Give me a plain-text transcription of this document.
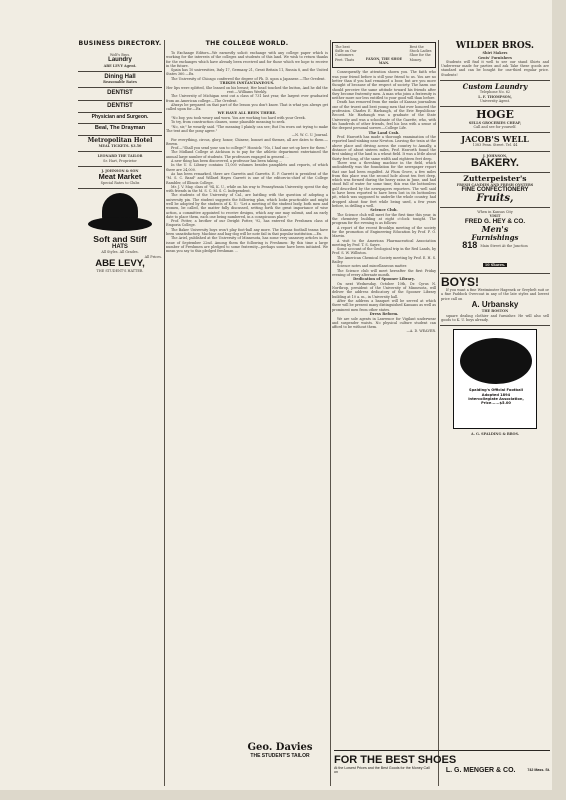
BUSINESS DIRECTORY.
Wolf's Bros.
Laundry
ABE LEVY Agent.
Dining Hall
Reasonable Rates
DENTIST
DENTIST
Physician and Surgeon.
Beal, The Drayman
Metropolitan Hotel
MEAL TICKETS. $3.50
LEONARD THE TAILOR
Sr. Hart, Proprietor
J. JOHNSON & SON
Meat Market
Special Rates to Clubs
Soft and Stiff
HATS
All Styles. All Grades.
All Prices.
ABE LEVY,
THE STUDENT'S HATTER.
THE COLLEGE WORLD.

To Exchange Editors—We earnestly solicit exchange with any college paper which is working for the interests of the colleges and students of this land. We wish to return thanks for the exchanges which have already been received and for those which we hope to receive in the future.

Spain has 10 universities, Italy 17, Germany 21, Great Britain 11, Russia 8, and the United States 360.—Ex.

The University of Chicago conferred the degree of Ph. D. upon a Japanese.—The Oredent.

TRIKES INSTANTANEOUS.

Her lips were splitted, She leaned on his breast; Her head touched the button, And he did the rest.—Williams Weekly.

The University of Michigan sent out a class of 731 last year, the largest ever graduated from an American college.—The Oredent.

Always be prepared on that part of the lesson you don't know. That is what you always get called upon for.—Ex.

WE HAVE ALL BEEN THERE.

"No boy, you took weary and worn. You are working too hard with your Greek.

To try, from construction clauses, some plausible meaning to seek.

"No, sir," he wearily said. "The meaning I plainly can see; But I'm worn out trying to make The text and the pony agree."

—N. W. C. U. Journal.

For everything, circus, glory, honor, Chinese, bonnet and themes, all are dates to them.—Brown.

Prof.—"Shall you send your son to college?" Hoosick: "No, I had one set up here for them."

The Midland College at Atchison is to pay for the athletic department entertained the annual large number of students. The professors engaged in general ...

A new thing has been discovered, a professor has been taking ...

In the U. S. Library contains 11,000 volumes besides pamphlets and reports, of which there are 24,000.

As has been remarked, there are Garretts and Garretts. E. P. Garrett is president of the "M. S. C. Band" and Willard Hayes Garrett is one of the editors-in-chief of the College Rambler, of Illinois College.

Mr. J. V. May, class of '94, K. U., while on his way to Pennsylvania University, spent the day with friends in the M. S. C. M. S. C. Independent.

The students of the University of Cal., are battling with the question of adopting a university pin. The student suggests the following plan, which looks practicable and might well be adopted by the students of K. U.: "Let a meeting of the student body, both men and women, be called, the matter fully discussed, setting forth the great importance of wise action, a committee appointed to receive designs, which any one may submit, and an early date to place them, each one being numbered, in a conspicuous place."

Prof. Potter, a brother of our Dwight Potter, '92, has entered the Freshmen class of Emporia College.

The Baker University boys won't play foot-ball any more. The Kansas football teams have been unsatisfactory. Machine and bag-dog will be note fail in that popular institution.—Ex.

The Ariel, published at the University of Minnesota, has some very unsavory articles in its issue of September 22nd. Among them the following is Freshmen: By this time a large number of Freshmen are pledged to some fraternity—perhaps some have been initiated. We mean you say to this pledged freshman ...

The best Sidle on Our Customers Feet. Thats	FAXON, THE SHOE MAN.
Best the Stock Ladies Shoe for the Money.

Consequently the attention shown you. The faith who was your friend before is still your friend to us. You are no better than if you had remained a boor, but are you more thought of because of the respect of society. The harm one should perceive the same attitude toward his friends after they become fraternity men. A man who joins a fraternity is neither more nor less entitled to your good will than before.

Death has removed from the ranks of Kansas journalism one of the truest and best young men that ever honored the profession. Charles E. Harbaugh, of the Erie Republican-Record. Mr. Harbaugh was a graduate of the State University and was a schoolmate of the Gazette, who, with his hundreds of other friends, feel his loss with a sense of the deepest personal sorrow.—College Life.

The Land Crab.

Prof. Haworth has made a thorough examination of the reported land-sinking near Newton. Leaving the train at the above place and driving across the country to Annally, a distance of about sixteen miles, Prof. Haworth found the first sinking of the land in a wheat field. It was a little about thirty feet long, of the same width and eighteen feet deep.

There was a threshing machine in the field, which undoubtedly was the foundation for the newspaper report that one had been engulfed. At Plum Grove, a few miles from this place was the second hole about ten feet deep, which was formed during the heavy rains in June, and had stood full of water for some time; this was the bottomless gulf described by the newspapers reporters. The well said to have been reported to have been lost in its bottomless pit, which was supposed to underlie the whole country, had dropped about four feet while being used, a few years before, in drilling a well.

Science Club.

The Science club will meet for the first time this year, in the chemistry building at eight o'clock tonight. The program for the evening is as follows:

A report of the recent Brooklyn meeting of the society for the promotion of Engineering Education by Prof. F. O. Marvin.

A visit to the American Pharmaceutical Association meeting by Prof. T. S. Sayre.

Some account of the Geological trip in the Red Lands, by Prof. S. W. Williston.

The American Chemical Society meeting by Prof. E. H. S. Bailey.

Science notes and miscellaneous matter.

The Science club will meet hereafter the first Friday evening of every alternate month.

Dedication of Spooner Library.

On next Wednesday, October 10th, Dr. Cyrus N. Northrop, president of the University of Minnesota, will deliver the address dedicatory of the Spooner Library building at 10 a. m., in University hall.

After the address a banquet will be served at which there will be present many distinguished Kansans as well as prominent men from other states.

Dress Reform.

We are sole agents in Lawrence for Vigilant underwear and suspender waists. No physical culture student can afford to be without them.

—A. D. WEAVER.

WILDER BROS.
Shirt Makers
Gents' Furnishers
Students will find it well to see our stand Shirts and Underwear made for parties and ask Take these goods are standard and can be bought for one-third regular price. Students!
Custom Laundry
Telephone No. 62
L. F. THOMPSON,
University Agent.
HOGE
SELLS GROCERIES CHEAP,
Call and see for yourself.
JACOB'S WELL
1383 Penn. Street. Tel. 44
J. JOHNSON,
BAKERY.
Zutterpeister's
FRESH CANDIES AND FRESH OYSTERS
FINE CONFECTIONERY
Fruits,
When in Kansas City
VISIT
FRED G. HEY & CO.
Men's
Furnishings
818 Main Street At the Junction
10 Shaves.
BOYS!
If you want a fine Westminster Hagenek or Greybelt suit or a fine Paddock Overcoat in any of the late styles and lowest price call on
A. Urbansky
THE BOSTON
square dealing clothier and furnisher. He will also sell goods to K. U. boys already.
Spalding's Official Football
Adopted 1894
Intercollegiate Association,
Price......$5.00
A. G. SPALDING & BROS.
Geo. Davies
THE STUDENT'S TAILOR	FOR THE BEST SHOES
At the Lowest Prices and the Best Goods for the Money Call on	L. G. MENGER & CO.	742 Mass. St.
